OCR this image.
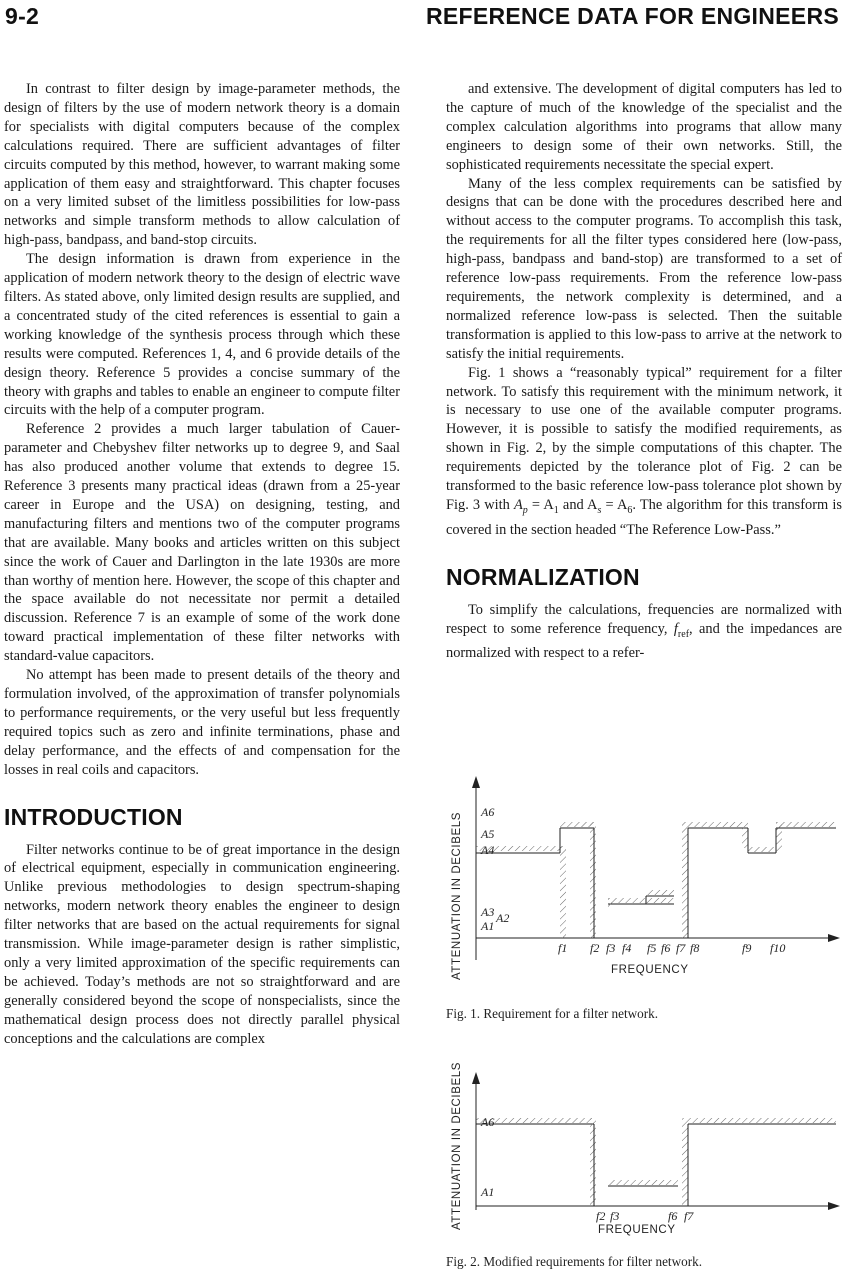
9-2	REFERENCE DATA FOR ENGINEERS

In contrast to filter design by image-parameter methods, the design of filters by the use of modern network theory is a domain for specialists with digital computers because of the complex calculations required. There are sufficient advantages of filter circuits computed by this method, however, to warrant making some application of them easy and straightforward. This chapter focuses on a very limited subset of the limitless possibilities for low-pass networks and simple transform methods to allow calculation of high-pass, bandpass, and band-stop circuits.

The design information is drawn from experience in the application of modern network theory to the design of electric wave filters. As stated above, only limited design results are supplied, and a concentrated study of the cited references is essential to gain a working knowledge of the synthesis process through which these results were computed. References 1, 4, and 6 provide details of the design theory. Reference 5 provides a concise summary of the theory with graphs and tables to enable an engineer to compute filter circuits with the help of a computer program.

Reference 2 provides a much larger tabulation of Cauer-parameter and Chebyshev filter networks up to degree 9, and Saal has also produced another volume that extends to degree 15. Reference 3 presents many practical ideas (drawn from a 25-year career in Europe and the USA) on designing, testing, and manufacturing filters and mentions two of the computer programs that are available. Many books and articles written on this subject since the work of Cauer and Darlington in the late 1930s are more than worthy of mention here. However, the scope of this chapter and the space available do not necessitate nor permit a detailed discussion. Reference 7 is an example of some of the work done toward practical implementation of these filter networks with standard-value capacitors.

No attempt has been made to present details of the theory and formulation involved, of the approximation of transfer polynomials to performance requirements, or the very useful but less frequently required topics such as zero and infinite terminations, phase and delay performance, and the effects of and compensation for the losses in real coils and capacitors.

INTRODUCTION

Filter networks continue to be of great importance in the design of electrical equipment, especially in communication engineering. Unlike previous methodologies to design spectrum-shaping networks, modern network theory enables the engineer to design filter networks that are based on the actual requirements for signal transmission. While image-parameter design is rather simplistic, only a very limited approximation of the specific requirements can be achieved. Today’s methods are not so straightforward and are generally considered beyond the scope of nonspecialists, since the mathematical design process does not directly parallel physical conceptions and the calculations are complex

and extensive. The development of digital computers has led to the capture of much of the knowledge of the specialist and the complex calculation algorithms into programs that allow many engineers to design some of their own networks. Still, the sophisticated requirements necessitate the special expert.

Many of the less complex requirements can be satisfied by designs that can be done with the procedures described here and without access to the computer programs. To accomplish this task, the requirements for all the filter types considered here (low-pass, high-pass, bandpass and band-stop) are transformed to a set of reference low-pass requirements. From the reference low-pass requirements, the network complexity is determined, and a normalized reference low-pass is selected. Then the suitable transformation is applied to this low-pass to arrive at the network to satisfy the initial requirements.

Fig. 1 shows a “reasonably typical” requirement for a filter network. To satisfy this requirement with the minimum network, it is necessary to use one of the available computer programs. However, it is possible to satisfy the modified requirements, as shown in Fig. 2, by the simple computations of this chapter. The requirements depicted by the tolerance plot of Fig. 2 can be transformed to the basic reference low-pass tolerance plot shown by Fig. 3 with $A_p = A_1$ and $A_s = A_6$. The algorithm for this transform is covered in the section headed “The Reference Low-Pass.”

NORMALIZATION

To simplify the calculations, frequencies are normalized with respect to some reference frequency, $f_{ref}$, and the impedances are normalized with respect to a refer-

ATTENUATION IN DECIBELS A6
A5
A4
A3
A1
A2
f1 f2 f3 f4 f5 f6 f7 f8	f9 f10
FREQUENCY
Fig. 1. Requirement for a filter network.
ATTENUATION IN DECIBELS A6
A1
f2 f3	f6 f7
FREQUENCY
Fig. 2. Modified requirements for filter network.
